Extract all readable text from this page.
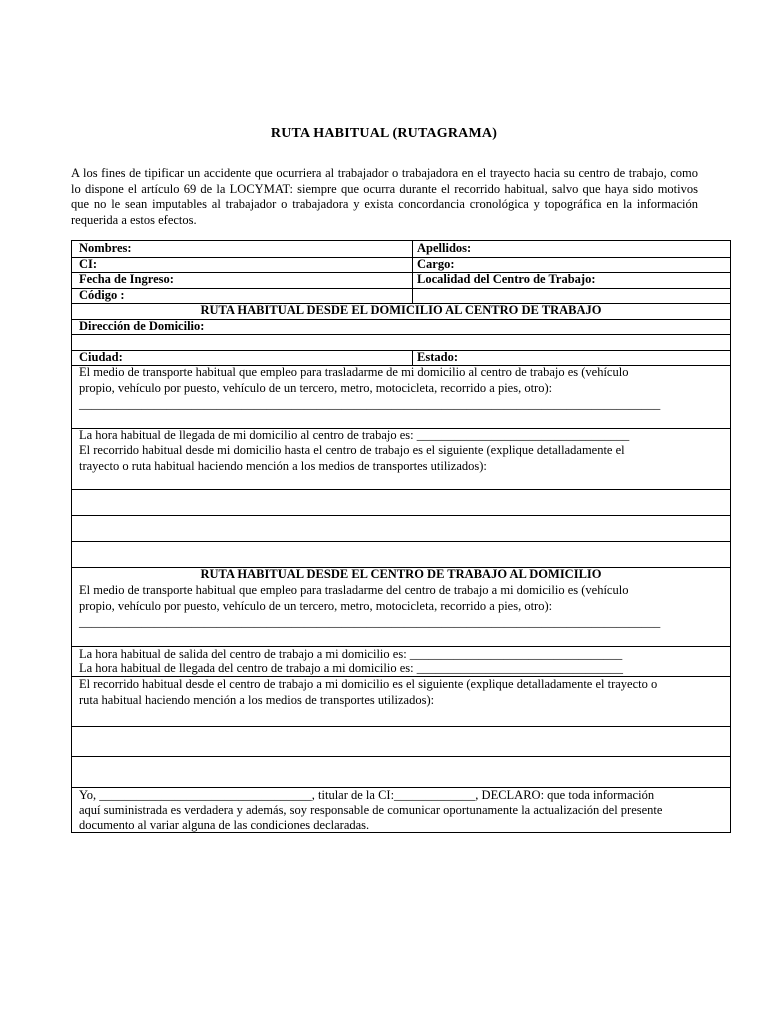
RUTA HABITUAL (RUTAGRAMA)
A los fines de tipificar un accidente que ocurriera al trabajador o trabajadora en el trayecto hacia su centro de trabajo, como lo dispone el artículo 69 de la LOCYMAT: siempre que ocurra durante el recorrido habitual, salvo que haya sido motivos que no le sean imputables al trabajador o trabajadora y exista concordancia cronológica y topográfica en la información requerida a estos efectos.
Nombres:	Apellidos:
CI:	Cargo:
Fecha de Ingreso:	Localidad del Centro de Trabajo:
Código :
RUTA HABITUAL DESDE EL DOMICILIO AL CENTRO DE TRABAJO
Dirección de Domicilio:
Ciudad:	Estado:
El medio de transporte habitual que empleo para trasladarme de mi domicilio al centro de trabajo es (vehículo
propio, vehículo por puesto, vehículo de un tercero, metro, motocicleta, recorrido a pies, otro):
_____________________________________________________________________________________________
La hora habitual de llegada de mi domicilio al centro de trabajo es: __________________________________
El recorrido habitual desde mi domicilio hasta el centro de trabajo es el siguiente (explique detalladamente el
trayecto o ruta habitual haciendo mención a los medios de transportes utilizados):
RUTA HABITUAL DESDE EL CENTRO DE TRABAJO AL DOMICILIO
El medio de transporte habitual que empleo para trasladarme del centro de trabajo a mi domicilio es (vehículo
propio, vehículo por puesto, vehículo de un tercero, metro, motocicleta, recorrido a pies, otro):
_____________________________________________________________________________________________
La hora habitual de salida del centro de trabajo a mi domicilio es: __________________________________
La hora habitual de llegada del centro de trabajo a mi domicilio es: _________________________________
El recorrido habitual desde el centro de trabajo a mi domicilio es el siguiente (explique detalladamente el trayecto o
ruta habitual haciendo mención a los medios de transportes utilizados):
Yo, __________________________________, titular de la CI:_____________, DECLARO: que toda información
aquí suministrada es verdadera y además, soy responsable de comunicar oportunamente la actualización del presente
documento al variar alguna de las condiciones declaradas.
